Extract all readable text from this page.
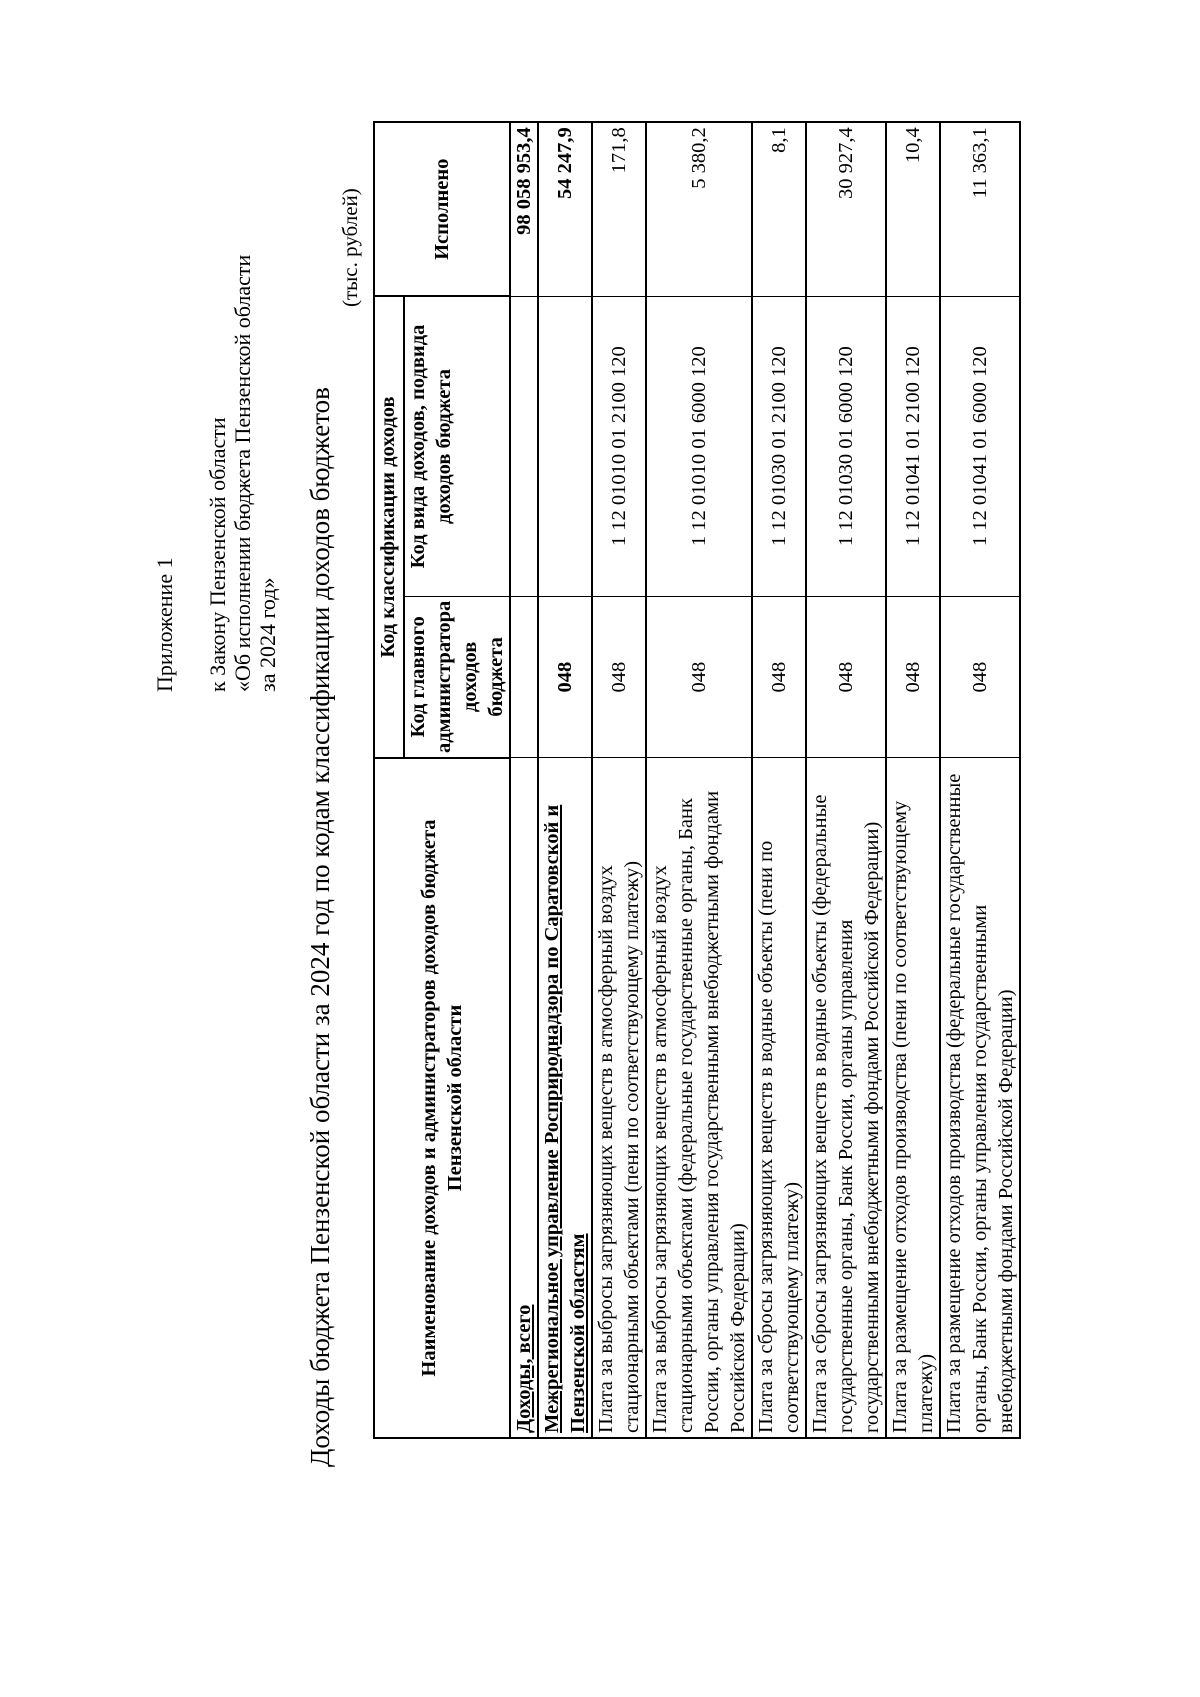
Приложение 1 к Закону Пензенской области «Об исполнении бюджета Пензенской области за 2024 год» Доходы бюджета Пензенской области за 2024 год по кодам классификации доходов бюджетов
(тыс. рублей)
Наименование доходов и администраторов доходов бюджета Пензенской области	Код классификации доходов		Исполнено
	Код главного администратора доходов бюджета	Код вида доходов, подвида доходов бюджета	
Доходы, всего			98 058 953,4
Межрегиональное управление Росприроднадзора по Саратовской и Пензенской областям	048		54 247,9
Плата за выбросы загрязняющих веществ в атмосферный воздух стационарными объектами (пени по соответствующему платежу)	048	1 12 01010 01 2100 120	171,8
Плата за выбросы загрязняющих веществ в атмосферный воздух стационарными объектами (федеральные государственные органы, Банк России, органы управления государственными внебюджетными фондами Российской Федерации)	048	1 12 01010 01 6000 120	5 380,2
Плата за сбросы загрязняющих веществ в водные объекты (пени по соответствующему платежу)	048	1 12 01030 01 2100 120	8,1
Плата за сбросы загрязняющих веществ в водные объекты (федеральные государственные органы, Банк России, органы управления государственными внебюджетными фондами Российской Федерации)	048	1 12 01030 01 6000 120	30 927,4
Плата за размещение отходов производства (пени по соответствующему платежу)	048	1 12 01041 01 2100 120	10,4
Плата за размещение отходов производства (федеральные государственные органы, Банк России, органы управления государственными внебюджетными фондами Российской Федерации)	048	1 12 01041 01 6000 120	11 363,1
